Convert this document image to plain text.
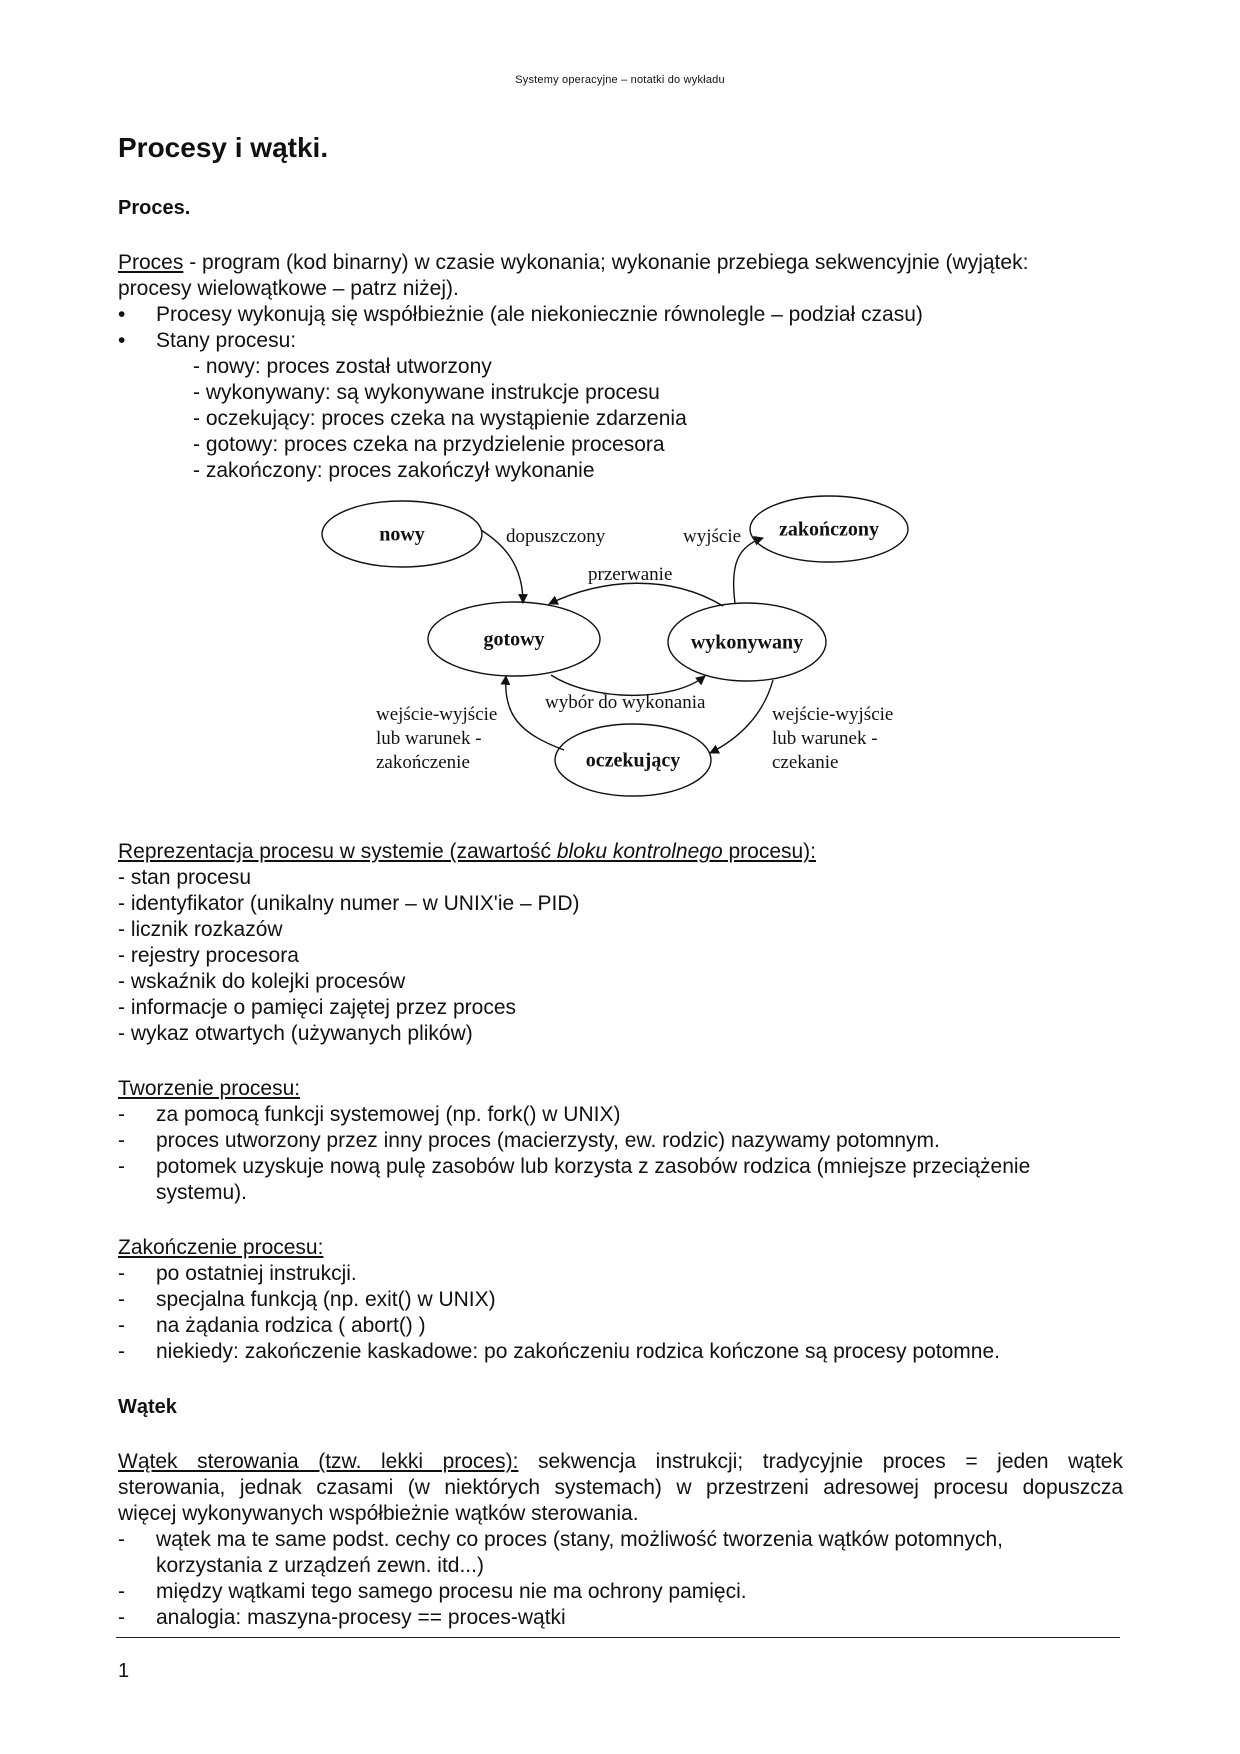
Systemy operacyjne – notatki do wykładu
Procesy i wątki.
Proces.
Proces - program (kod binarny) w czasie wykonania; wykonanie przebiega sekwencyjnie (wyjątek:
procesy wielowątkowe – patrz niżej).
• Procesy wykonują się współbieżnie (ale niekoniecznie równolegle – podział czasu)
• Stany procesu:
- nowy: proces został utworzony
- wykonywany: są wykonywane instrukcje procesu
- oczekujący: proces czeka na wystąpienie zdarzenia
- gotowy: proces czeka na przydzielenie procesora
- zakończony: proces zakończył wykonanie
nowy	zakończony
gotowy	wykonywany
oczekujący
dopuszczony	wyjście
przerwanie
wybór do wykonania
wejście-wyjście
lub warunek -
zakończenie
wejście-wyjście
lub warunek -
czekanie
Reprezentacja procesu w systemie (zawartość bloku kontrolnego procesu):
- stan procesu
- identyfikator (unikalny numer – w UNIX'ie – PID)
- licznik rozkazów
- rejestry procesora
- wskaźnik do kolejki procesów
- informacje o pamięci zajętej przez proces
- wykaz otwartych (używanych plików)
Tworzenie procesu:
- za pomocą funkcji systemowej (np. fork() w UNIX)
- proces utworzony przez inny proces (macierzysty, ew. rodzic) nazywamy potomnym.
- potomek uzyskuje nową pulę zasobów lub korzysta z zasobów rodzica (mniejsze przeciążenie
systemu).
Zakończenie procesu:
- po ostatniej instrukcji.
- specjalna funkcją (np. exit() w UNIX)
- na żądania rodzica ( abort() )
- niekiedy: zakończenie kaskadowe: po zakończeniu rodzica kończone są procesy potomne.
Wątek
Wątek sterowania (tzw. lekki proces): sekwencja instrukcji; tradycyjnie proces = jeden wątek
sterowania, jednak czasami (w niektórych systemach) w przestrzeni adresowej procesu dopuszcza
więcej wykonywanych współbieżnie wątków sterowania.
- wątek ma te same podst. cechy co proces (stany, możliwość tworzenia wątków potomnych,
korzystania z urządzeń zewn. itd...)
- między wątkami tego samego procesu nie ma ochrony pamięci.
- analogia: maszyna-procesy == proces-wątki
1
